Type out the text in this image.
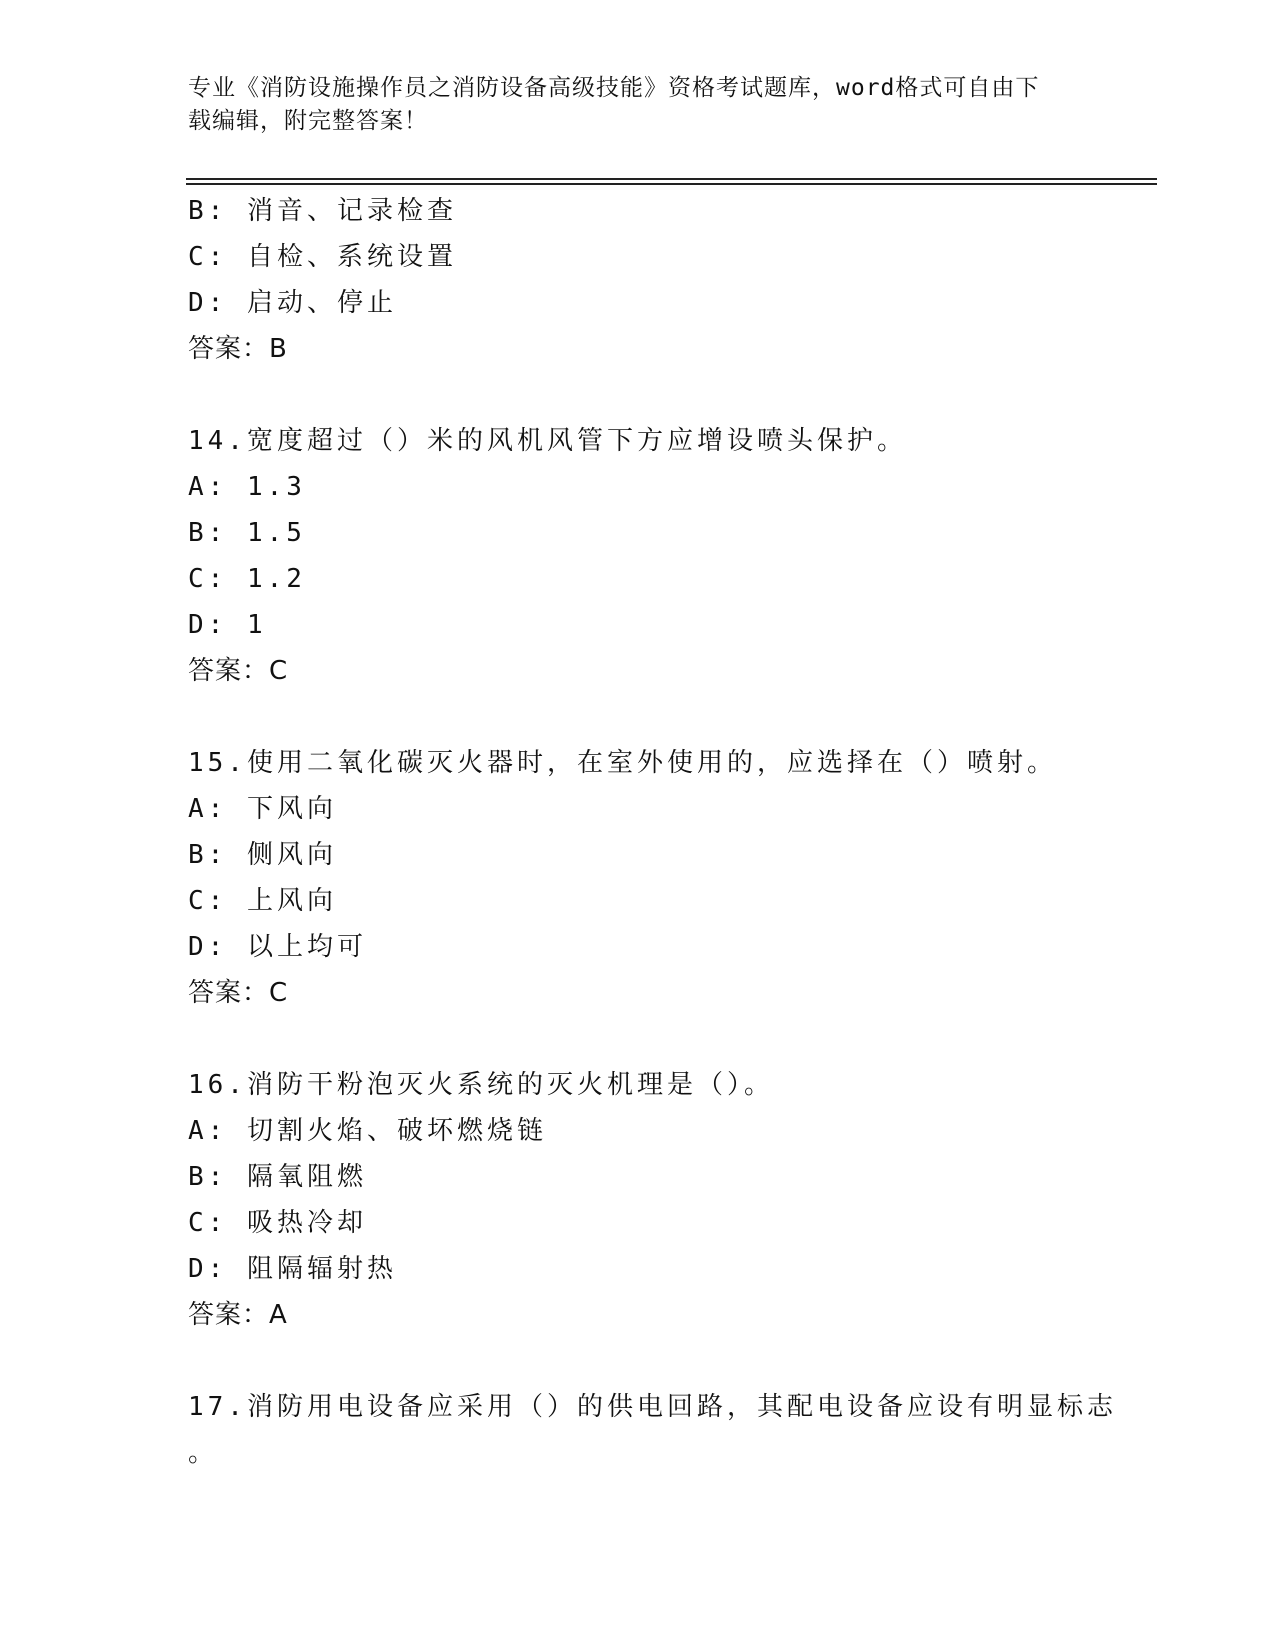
专业《消防设施操作员之消防设备高级技能》资格考试题库，word格式可自由下
载编辑，附完整答案！
B: 消音、记录检查
C: 自检、系统设置
D: 启动、停止
答案：B
14.宽度超过（）米的风机风管下方应增设喷头保护。
A: 1.3
B: 1.5
C: 1.2
D: 1
答案：C
15.使用二氧化碳灭火器时，在室外使用的，应选择在（）喷射。
A: 下风向
B: 侧风向
C: 上风向
D: 以上均可
答案：C
16.消防干粉泡灭火系统的灭火机理是（）。
A: 切割火焰、破坏燃烧链
B: 隔氧阻燃
C: 吸热冷却
D: 阻隔辐射热
答案：A
17.消防用电设备应采用（）的供电回路，其配电设备应设有明显标志
。
